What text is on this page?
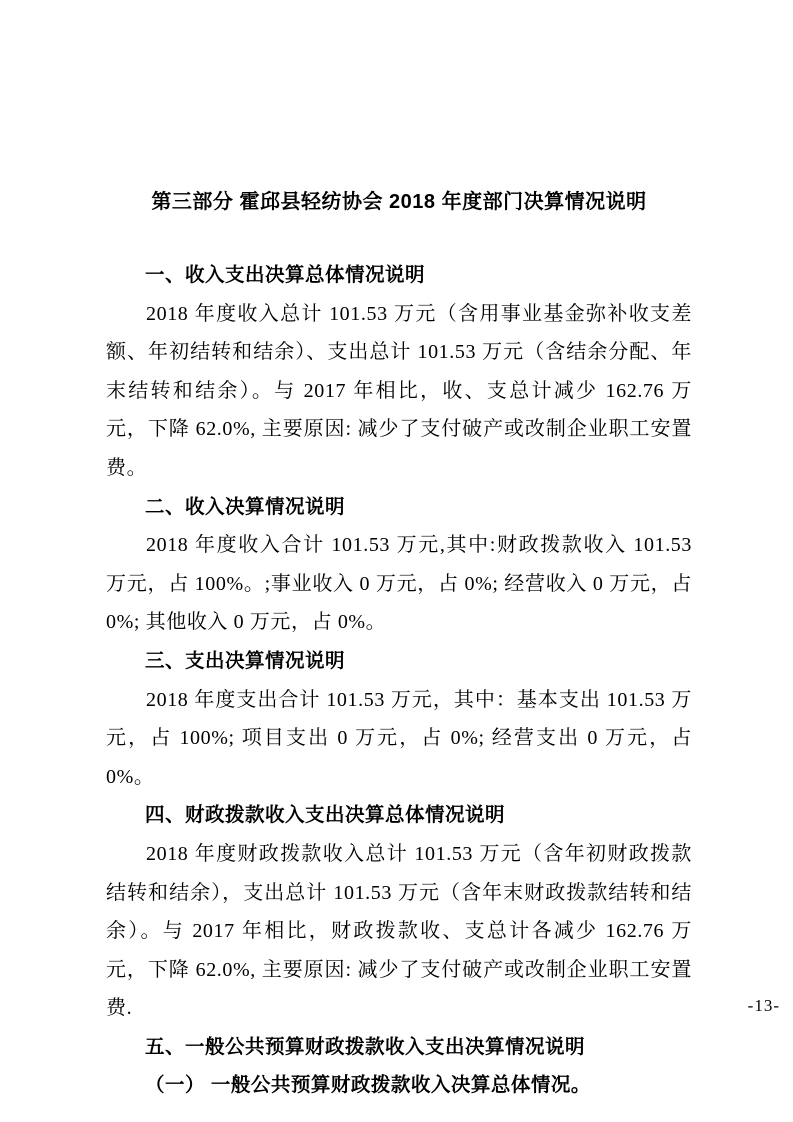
第三部分 霍邱县轻纺协会 2018 年度部门决算情况说明
一、收入支出决算总体情况说明

2018 年度收入总计 101.53 万元（含用事业基金弥补收支差额、年初结转和结余）、支出总计 101.53 万元（含结余分配、年末结转和结余）。与 2017 年相比，收、支总计减少 162.76 万元，下降 62.0%, 主要原因: 减少了支付破产或改制企业职工安置费。

二、收入决算情况说明

2018 年度收入合计 101.53 万元,其中:财政拨款收入 101.53 万元，占 100%。;事业收入 0 万元，占 0%; 经营收入 0 万元，占 0%; 其他收入 0 万元，占 0%。

三、支出决算情况说明

2018 年度支出合计 101.53 万元，其中：基本支出 101.53 万元，占 100%; 项目支出 0 万元，占 0%; 经营支出 0 万元，占 0%。

四、财政拨款收入支出决算总体情况说明

2018 年度财政拨款收入总计 101.53 万元（含年初财政拨款结转和结余），支出总计 101.53 万元（含年末财政拨款结转和结余）。与 2017 年相比，财政拨款收、支总计各减少 162.76 万元，下降 62.0%, 主要原因: 减少了支付破产或改制企业职工安置费.

五、一般公共预算财政拨款收入支出决算情况说明
（一） 一般公共预算财政拨款收入决算总体情况。
-13-
